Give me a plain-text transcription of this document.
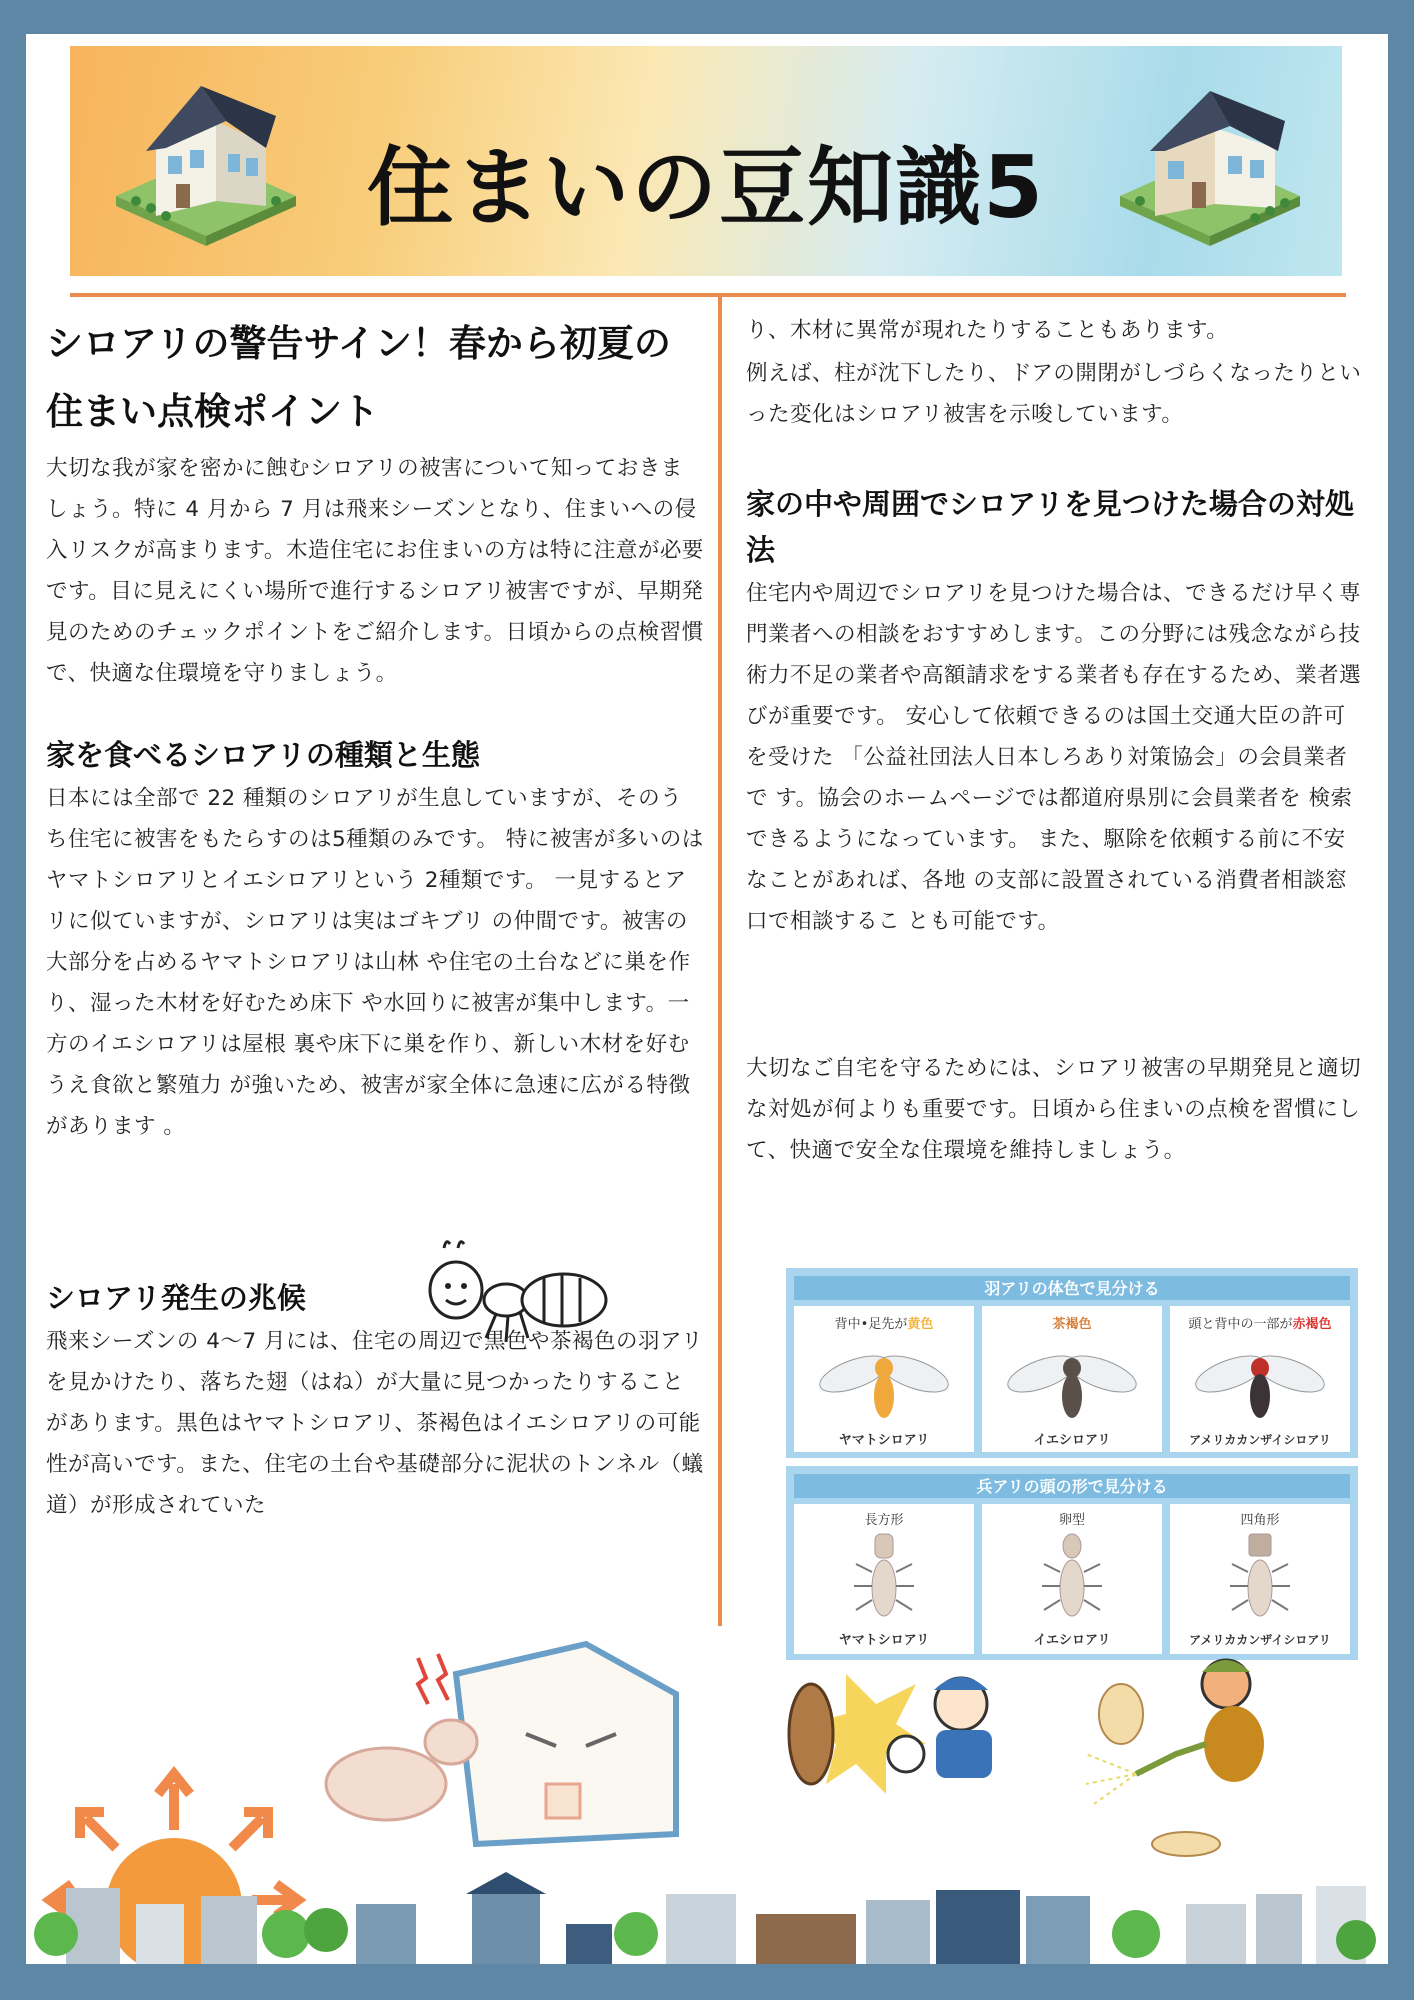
住まいの豆知識5
シロアリの警告サイン！春から初夏の住まい点検ポイント

大切な我が家を密かに蝕むシロアリの被害について知っておきましょう。特に 4 月から 7 月は飛来シーズンとなり、住まいへの侵入リスクが高まります。木造住宅にお住まいの方は特に注意が必要です。目に見えにくい場所で進行するシロアリ被害ですが、早期発見のためのチェックポイントをご紹介します。日頃からの点検習慣で、快適な住環境を守りましょう。

家を食べるシロアリの種類と生態

日本には全部で 22 種類のシロアリが生息していますが、そのうち住宅に被害をもたらすのは5種類のみです。 特に被害が多いのはヤマトシロアリとイエシロアリという 2種類です。 一見するとアリに似ていますが、シロアリは実はゴキブリ の仲間です。被害の大部分を占めるヤマトシロアリは山林 や住宅の土台などに巣を作り、湿った木材を好むため床下 や水回りに被害が集中します。一方のイエシロアリは屋根 裏や床下に巣を作り、新しい木材を好むうえ食欲と繁殖力 が強いため、被害が家全体に急速に広がる特徴があります 。

シロアリ発生の兆候

飛来シーズンの 4〜7 月には、住宅の周辺で黒色や茶褐色の羽アリを見かけたり、落ちた翅（はね）が大量に見つかったりすることがあります。黒色はヤマトシロアリ、茶褐色はイエシロアリの可能性が高いです。また、住宅の土台や基礎部分に泥状のトンネル（蟻道）が形成されていた

り、木材に異常が現れたりすることもあります。

例えば、柱が沈下したり、ドアの開閉がしづらくなったりといった変化はシロアリ被害を示唆しています。

家の中や周囲でシロアリを見つけた場合の対処法

住宅内や周辺でシロアリを見つけた場合は、できるだけ早く専門業者への相談をおすすめします。この分野には残念ながら技術力不足の業者や高額請求をする業者も存在するため、業者選びが重要です。 安心して依頼できるのは国土交通大臣の許可を受けた 「公益社団法人日本しろあり対策協会」の会員業者で す。協会のホームページでは都道府県別に会員業者を 検索できるようになっています。 また、駆除を依頼する前に不安なことがあれば、各地 の支部に設置されている消費者相談窓口で相談するこ とも可能です。

大切なご自宅を守るためには、シロアリ被害の早期発見と適切な対処が何よりも重要です。日頃から住まいの点検を習慣にして、快適で安全な住環境を維持しましょう。

羽アリの体色で見分ける
背中•足先が黄色
ヤマトシロアリ
茶褐色
イエシロアリ
頭と背中の一部が赤褐色
アメリカカンザイシロアリ
兵アリの頭の形で見分ける
長方形
ヤマトシロアリ
卵型
イエシロアリ
四角形
アメリカカンザイシロアリ
